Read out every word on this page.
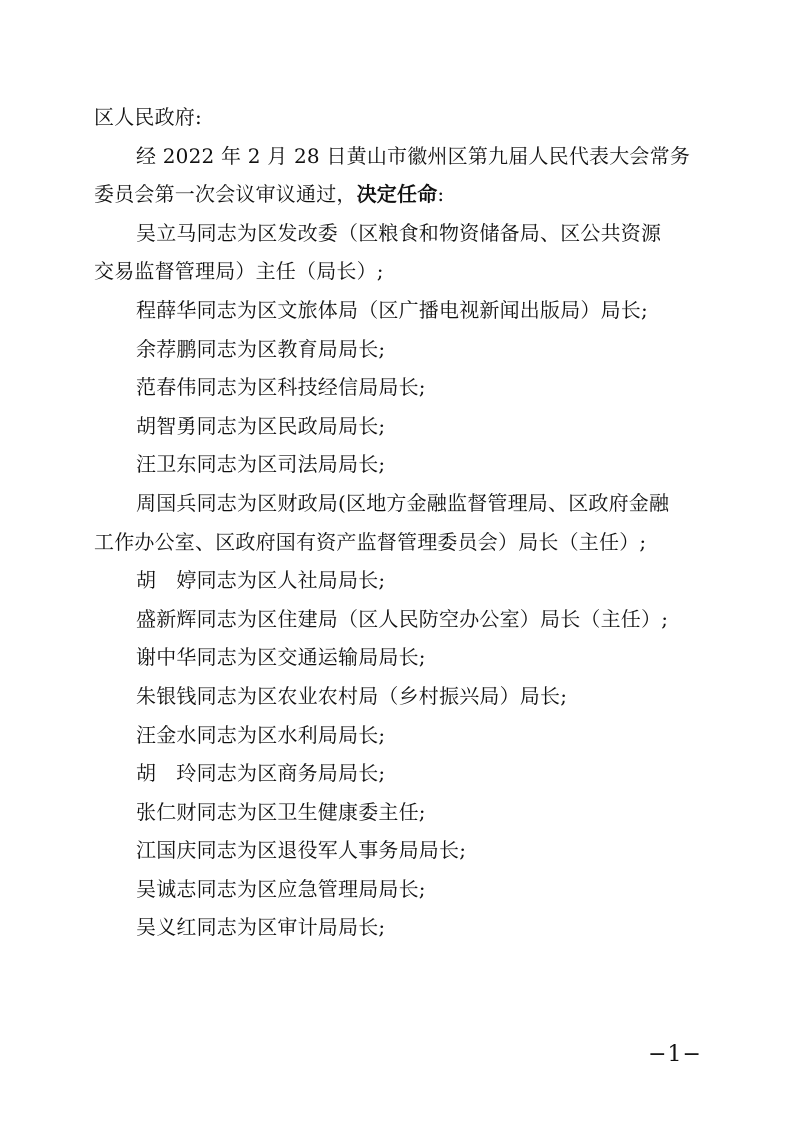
区人民政府:
经 2022 年 2 月 28 日黄山市徽州区第九届人民代表大会常务
委员会第一次会议审议通过，决定任命:
吴立马同志为区发改委（区粮食和物资储备局、区公共资源
交易监督管理局）主任（局长）;
程薛华同志为区文旅体局（区广播电视新闻出版局）局长;
余荐鹏同志为区教育局局长;
范春伟同志为区科技经信局局长;
胡智勇同志为区民政局局长;
汪卫东同志为区司法局局长;
周国兵同志为区财政局(区地方金融监督管理局、区政府金融
工作办公室、区政府国有资产监督管理委员会）局长（主任）;
胡　婷同志为区人社局局长;
盛新辉同志为区住建局（区人民防空办公室）局长（主任）;
谢中华同志为区交通运输局局长;
朱银钱同志为区农业农村局（乡村振兴局）局长;
汪金水同志为区水利局局长;
胡　玲同志为区商务局局长;
张仁财同志为区卫生健康委主任;
江国庆同志为区退役军人事务局局长;
吴诚志同志为区应急管理局局长;
吴义红同志为区审计局局长;
−1−
